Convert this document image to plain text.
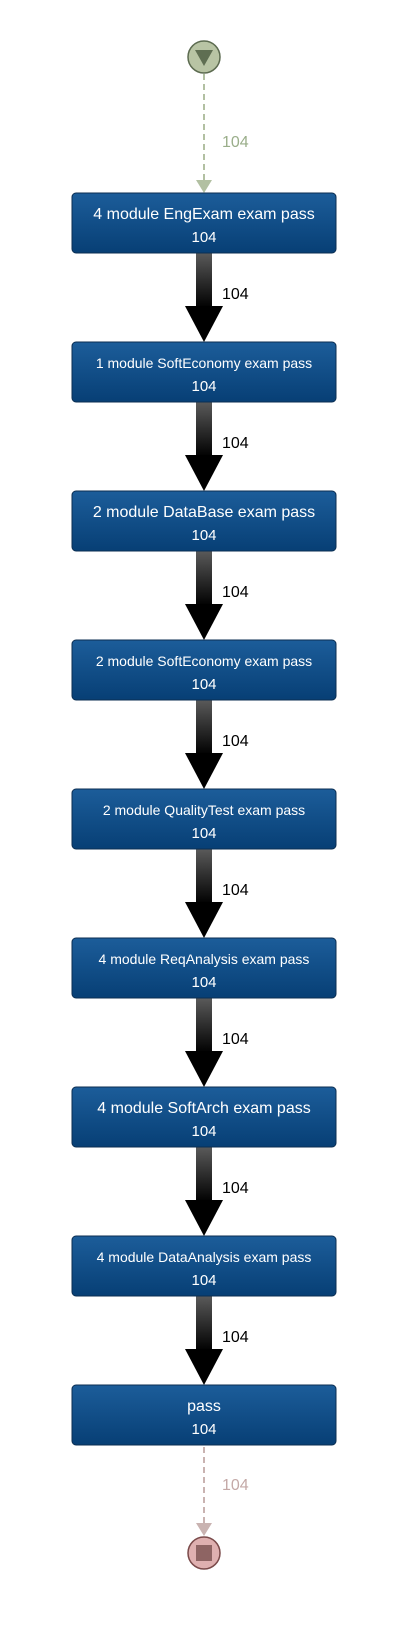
104
104
104
104
104
104
104
104
104
4 module EngExam exam pass
104
1 module SoftEconomy exam pass
104
2 module DataBase exam pass
104
2 module SoftEconomy exam pass
104
2 module QualityTest exam pass
104
4 module ReqAnalysis exam pass
104
4 module SoftArch exam pass
104
4 module DataAnalysis exam pass
104
pass
104
104
